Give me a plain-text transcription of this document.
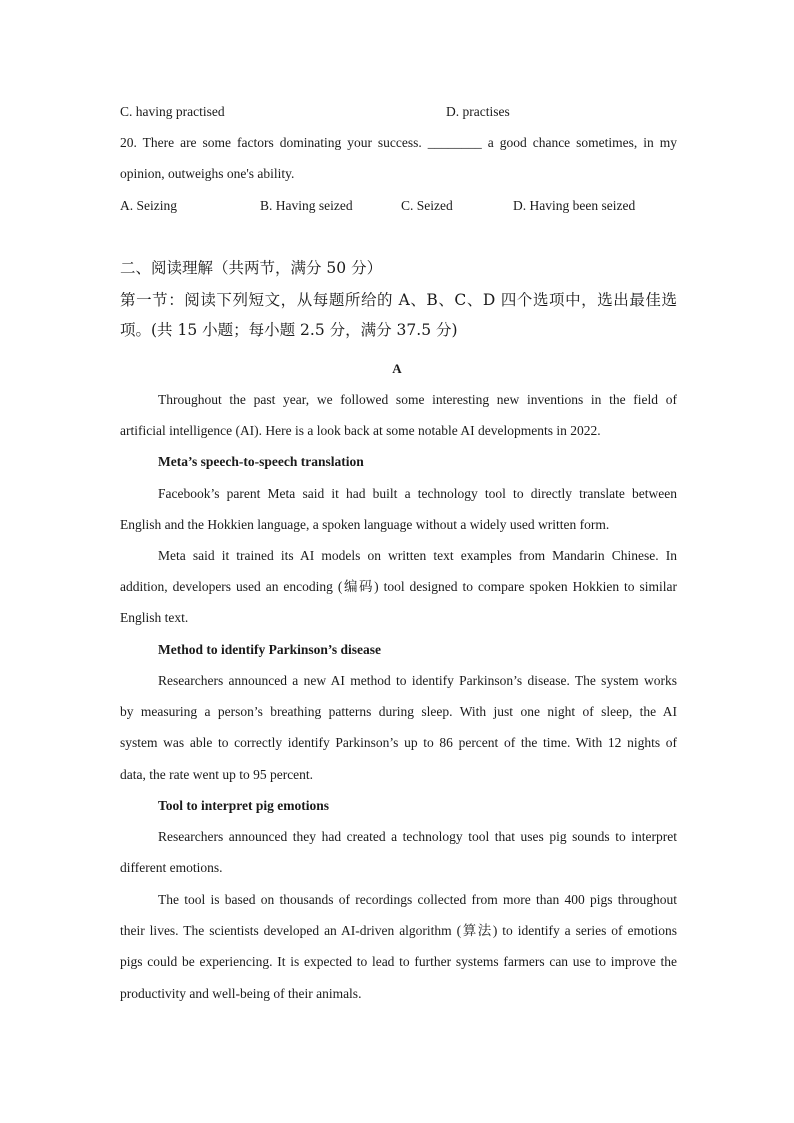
C. having practised	D. practises
20. There are some factors dominating your success. ________ a good chance sometimes, in my
opinion, outweighs one's ability.
A. Seizing	B. Having seized	C. Seized	D. Having been seized
二、阅读理解（共两节，满分 50 分）
第一节：阅读下列短文，从每题所给的 A、B、C、D 四个选项中，选出最佳选
项。(共 15 小题；每小题 2.5 分，满分 37.5 分)
A
Throughout the past year, we followed some interesting new inventions in the field of
artificial intelligence (AI). Here is a look back at some notable AI developments in 2022.
Meta’s speech-to-speech translation
Facebook’s parent Meta said it had built a technology tool to directly translate between
English and the Hokkien language, a spoken language without a widely used written form.
Meta said it trained its AI models on written text examples from Mandarin Chinese. In
addition, developers used an encoding (编码) tool designed to compare spoken Hokkien to similar
English text.
Method to identify Parkinson’s disease
Researchers announced a new AI method to identify Parkinson’s disease. The system works
by measuring a person’s breathing patterns during sleep. With just one night of sleep, the AI
system was able to correctly identify Parkinson’s up to 86 percent of the time. With 12 nights of
data, the rate went up to 95 percent.
Tool to interpret pig emotions
Researchers announced they had created a technology tool that uses pig sounds to interpret
different emotions.
The tool is based on thousands of recordings collected from more than 400 pigs throughout
their lives. The scientists developed an AI-driven algorithm (算法) to identify a series of emotions
pigs could be experiencing. It is expected to lead to further systems farmers can use to improve the
productivity and well-being of their animals.
